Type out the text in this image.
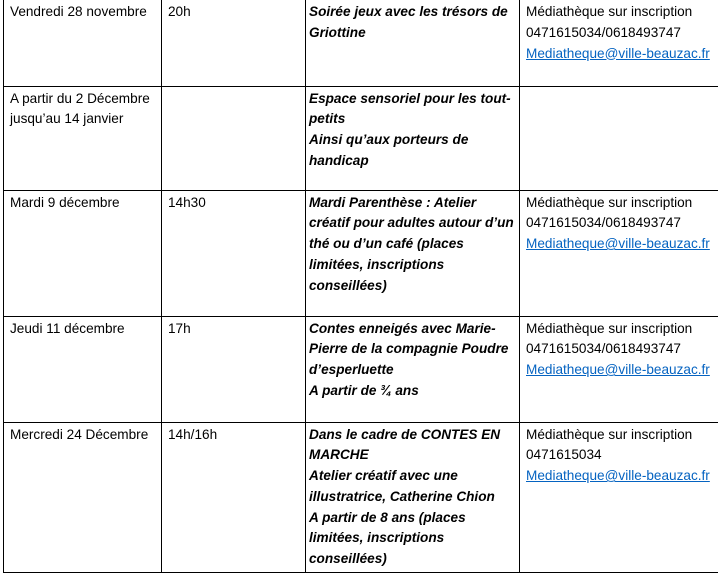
Vendredi 28 novembre	20h	Soirée jeux avec les trésors de Griottine	Médiathèque sur inscription
0471615034/0618493747
Mediatheque@ville-beauzac.fr

A partir du 2 Décembre jusqu’au 14 janvier		Espace sensoriel pour les tout-petits
Ainsi qu’aux porteurs de handicap	

Mardi 9 décembre	14h30	Mardi Parenthèse : Atelier créatif pour adultes autour d’un thé ou d’un café (places limitées, inscriptions conseillées)	Médiathèque sur inscription
0471615034/0618493747
Mediatheque@ville-beauzac.fr

Jeudi 11 décembre	17h	Contes enneigés avec Marie-Pierre de la compagnie Poudre d’esperluette
A partir de ¾ ans	Médiathèque sur inscription
0471615034/0618493747
Mediatheque@ville-beauzac.fr

Mercredi 24 Décembre	14h/16h	Dans le cadre de CONTES EN MARCHE
Atelier créatif avec une illustratrice, Catherine Chion
A partir de 8 ans (places limitées, inscriptions conseillées)	Médiathèque sur inscription
0471615034
Mediatheque@ville-beauzac.fr
